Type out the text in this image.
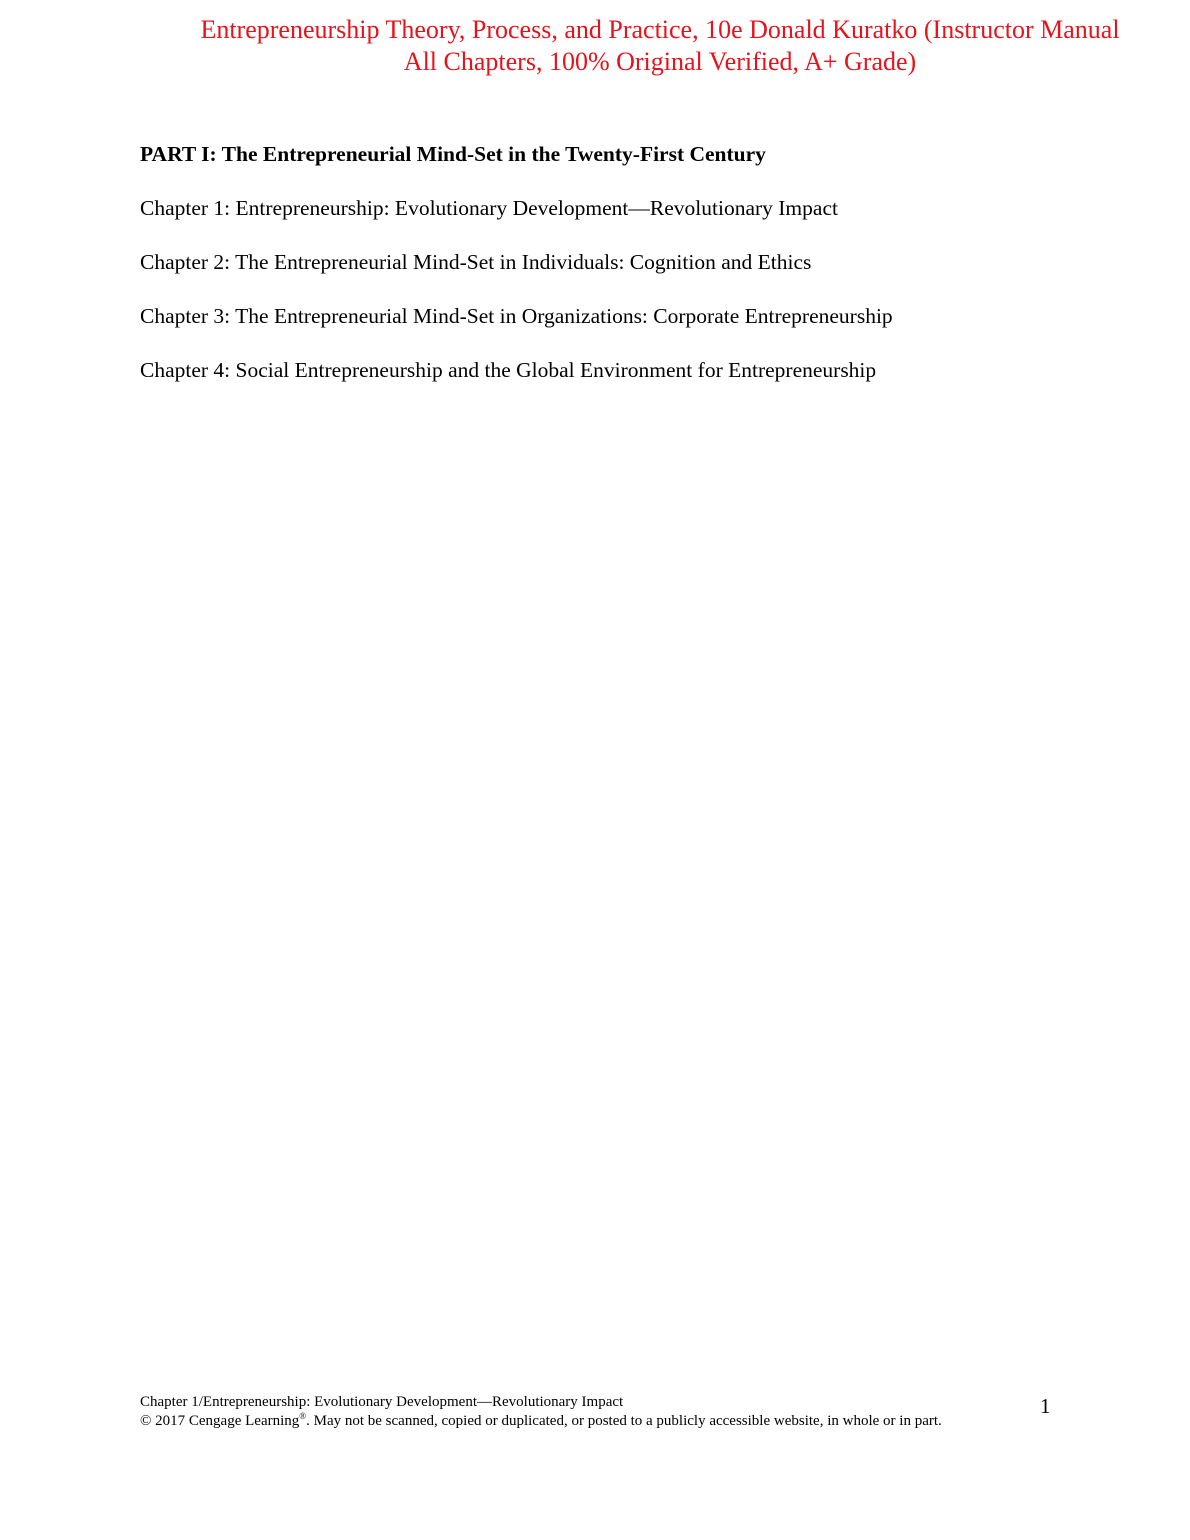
Entrepreneurship Theory, Process, and Practice, 10e Donald Kuratko (Instructor Manual
All Chapters, 100% Original Verified, A+ Grade)
PART I: The Entrepreneurial Mind-Set in the Twenty-First Century
Chapter 1: Entrepreneurship: Evolutionary Development—Revolutionary Impact
Chapter 2: The Entrepreneurial Mind-Set in Individuals: Cognition and Ethics
Chapter 3: The Entrepreneurial Mind-Set in Organizations: Corporate Entrepreneurship
Chapter 4: Social Entrepreneurship and the Global Environment for Entrepreneurship
Chapter 1/Entrepreneurship: Evolutionary Development—Revolutionary Impact
© 2017 Cengage Learning®. May not be scanned, copied or duplicated, or posted to a publicly accessible website, in whole or in part.
1
